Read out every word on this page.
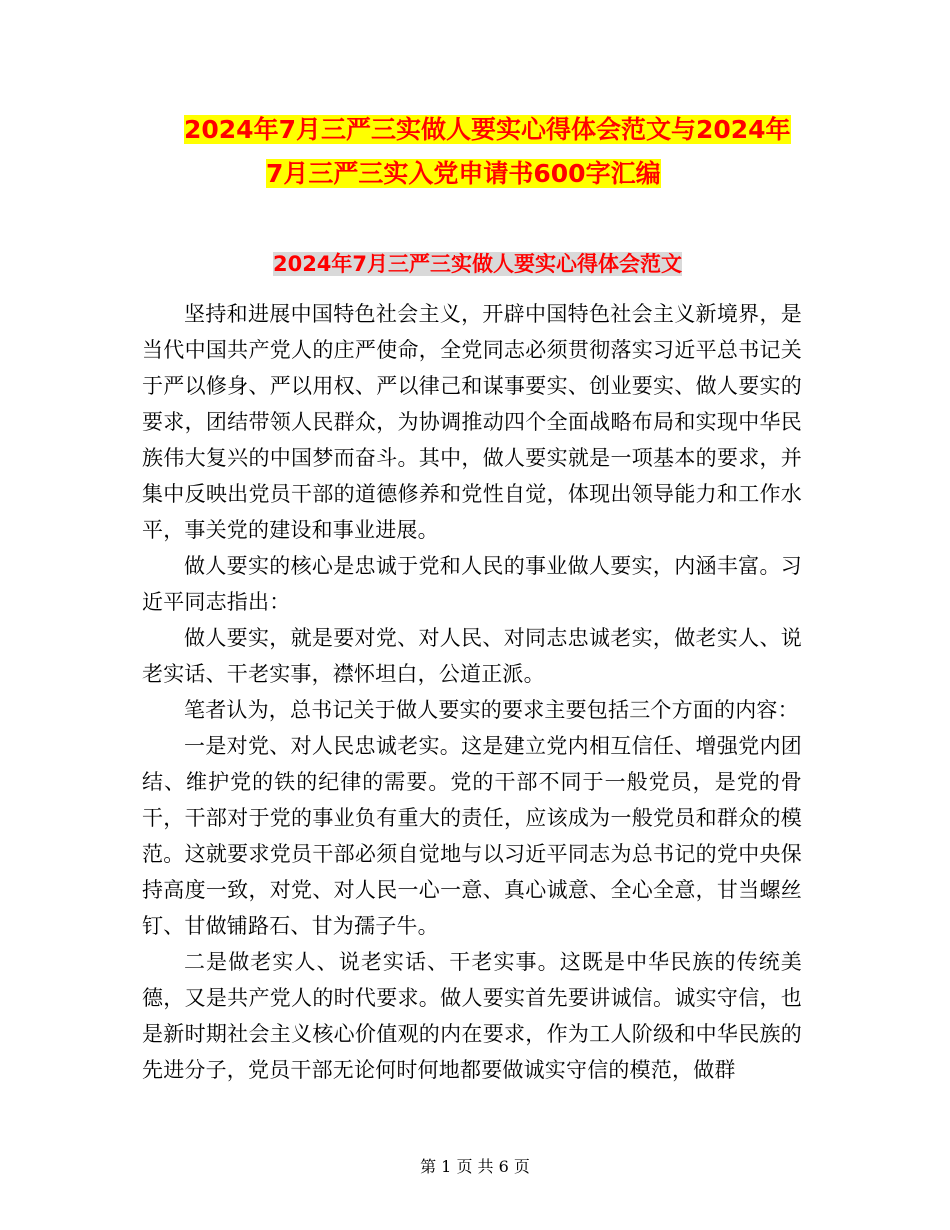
2024年7月三严三实做人要实心得体会范文与2024年
7月三严三实入党申请书600字汇编
2024年7月三严三实做人要实心得体会范文

坚持和进展中国特色社会主义，开辟中国特色社会主义新境界，是当代中国共产党人的庄严使命，全党同志必须贯彻落实习近平总书记关于严以修身、严以用权、严以律己和谋事要实、创业要实、做人要实的要求，团结带领人民群众，为协调推动四个全面战略布局和实现中华民族伟大复兴的中国梦而奋斗。其中，做人要实就是一项基本的要求，并集中反映出党员干部的道德修养和党性自觉，体现出领导能力和工作水平，事关党的建设和事业进展。

做人要实的核心是忠诚于党和人民的事业做人要实，内涵丰富。习近平同志指出：

做人要实，就是要对党、对人民、对同志忠诚老实，做老实人、说老实话、干老实事，襟怀坦白，公道正派。

笔者认为，总书记关于做人要实的要求主要包括三个方面的内容：

一是对党、对人民忠诚老实。这是建立党内相互信任、增强党内团结、维护党的铁的纪律的需要。党的干部不同于一般党员，是党的骨干，干部对于党的事业负有重大的责任，应该成为一般党员和群众的模范。这就要求党员干部必须自觉地与以习近平同志为总书记的党中央保持高度一致，对党、对人民一心一意、真心诚意、全心全意，甘当螺丝钉、甘做铺路石、甘为孺子牛。

二是做老实人、说老实话、干老实事。这既是中华民族的传统美德，又是共产党人的时代要求。做人要实首先要讲诚信。诚实守信，也是新时期社会主义核心价值观的内在要求，作为工人阶级和中华民族的先进分子，党员干部无论何时何地都要做诚实守信的模范，做群

第 1 页 共 6 页
